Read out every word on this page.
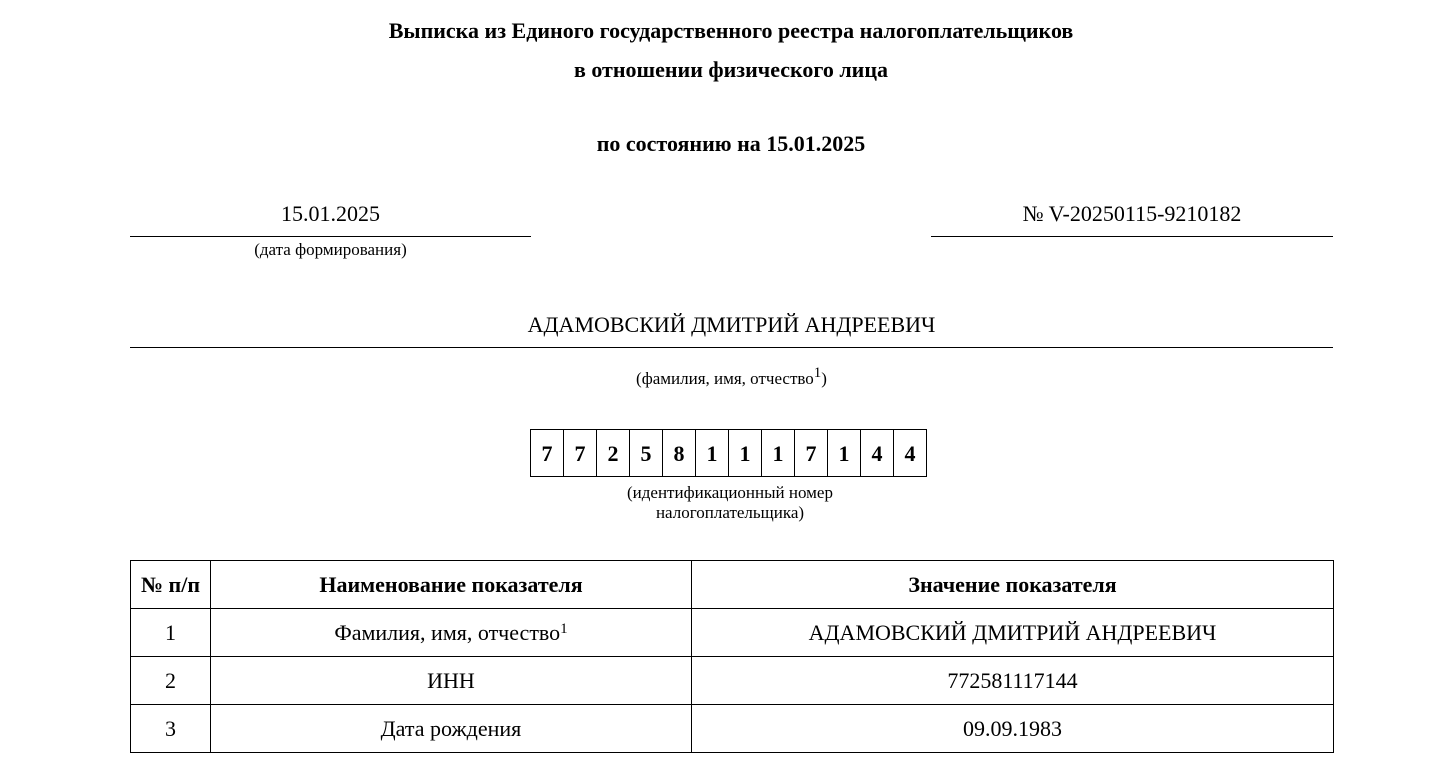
Выписка из Единого государственного реестра налогоплательщиков
в отношении физического лица
по состоянию на 15.01.2025
15.01.2025
(дата формирования)
№ V-20250115-9210182
АДАМОВСКИЙ ДМИТРИЙ АНДРЕЕВИЧ
(фамилия, имя, отчество$^1$)
7	7	2	5	8	1	1	1	7	1	4	4
(идентификационный номер
налогоплательщика)
№ п/п	Наименование показателя	Значение показателя
1	Фамилия, имя, отчество$^1$	АДАМОВСКИЙ ДМИТРИЙ АНДРЕЕВИЧ
2	ИНН	772581117144
3	Дата рождения	09.09.1983
